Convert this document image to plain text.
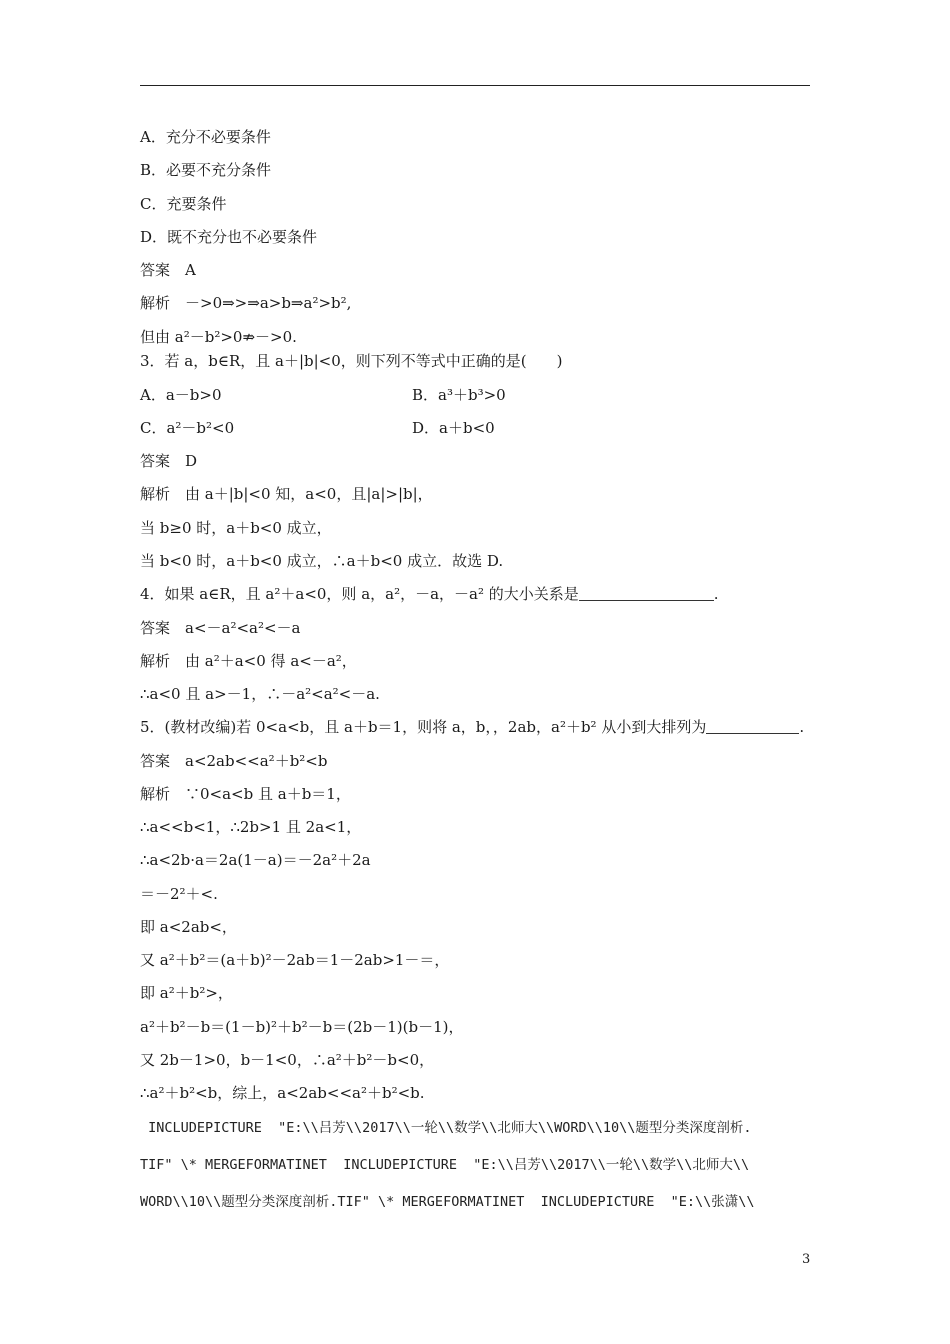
A．充分不必要条件
B．必要不充分条件
C．充要条件
D．既不充分也不必要条件
答案　A
解析　－>0⇒>⇒a>b⇒a²>b²,
但由 a²－b²>0⇏－>0.
3．若 a，b∈R，且 a＋|b|<0，则下列不等式中正确的是(　　)
A．a－b>0	B．a³＋b³>0
C．a²－b²<0	D．a＋b<0
答案　D
解析　由 a＋|b|<0 知，a<0，且|a|>|b|，
当 b≥0 时，a＋b<0 成立，
当 b<0 时，a＋b<0 成立，∴a＋b<0 成立．故选 D.
4．如果 a∈R，且 a²＋a<0，则 a，a²，－a，－a² 的大小关系是	.
答案　a<－a²<a²<－a
解析　由 a²＋a<0 得 a<－a²，
∴a<0 且 a>－1，∴－a²<a²<－a.
5．(教材改编)若 0<a<b，且 a＋b＝1，则将 a，b，，2ab，a²＋b² 从小到大排列为	.
答案　a<2ab<<a²＋b²<b
解析　∵0<a<b 且 a＋b＝1，
∴a<<b<1，∴2b>1 且 2a<1，
∴a<2b·a＝2a(1－a)＝－2a²＋2a
＝－2²＋<.
即 a<2ab<，
又 a²＋b²＝(a＋b)²－2ab＝1－2ab>1－＝，
即 a²＋b²>，
a²＋b²－b＝(1－b)²＋b²－b＝(2b－1)(b－1)，
又 2b－1>0，b－1<0，∴a²＋b²－b<0，
∴a²＋b²<b，综上，a<2ab<<a²＋b²<b.
INCLUDEPICTURE  "E:\\吕芳\\2017\\一轮\\数学\\北师大\\WORD\\10\\题型分类深度剖析.
TIF" \* MERGEFORMATINET  INCLUDEPICTURE  "E:\\吕芳\\2017\\一轮\\数学\\北师大\\
WORD\\10\\题型分类深度剖析.TIF" \* MERGEFORMATINET  INCLUDEPICTURE  "E:\\张潇\\
3
